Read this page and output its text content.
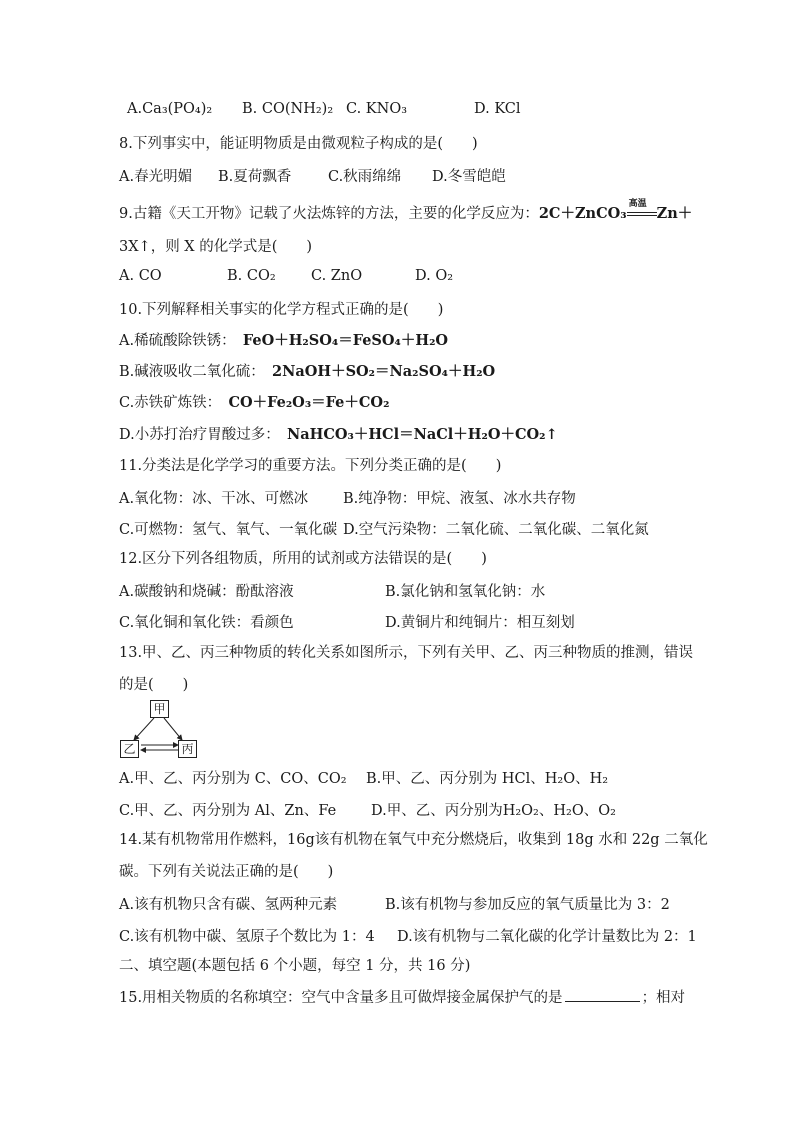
A.Ca₃(PO₄)₂ B. CO(NH₂)₂ C. KNO₃	D. KCl
8.下列事实中，能证明物质是由微观粒子构成的是(　　)
A.春光明媚 B.夏荷飘香	C.秋雨绵绵 D.冬雪皑皑
9.古籍《天工开物》记载了火法炼锌的方法，主要的化学反应为：2C＋ZnCO₃
高温
Zn＋
3X↑，则 X 的化学式是(　　)
A. CO	B. CO₂ C. ZnO	D. O₂
10.下列解释相关事实的化学方程式正确的是(　　)
A.稀硫酸除铁锈：　 FeO＋H₂SO₄＝FeSO₄＋H₂O
B.碱液吸收二氧化硫：　 2NaOH＋SO₂＝Na₂SO₄＋H₂O
C.赤铁矿炼铁：　 CO＋Fe₂O₃＝Fe＋CO₂
D.小苏打治疗胃酸过多：　 NaHCO₃＋HCl＝NaCl＋H₂O＋CO₂↑
11.分类法是化学学习的重要方法。下列分类正确的是(　　)
A.氧化物：冰、干冰、可燃冰 B.纯净物：甲烷、液氢、冰水共存物
C.可燃物：氢气、氧气、一氧化碳 D.空气污染物：二氧化硫、二氧化碳、二氧化氮
12.区分下列各组物质，所用的试剂或方法错误的是(　　)
A.碳酸钠和烧碱：酚酞溶液	B.氯化钠和氢氧化钠：水
C.氧化铜和氧化铁：看颜色	D.黄铜片和纯铜片：相互刻划
13.甲、乙、丙三种物质的转化关系如图所示，下列有关甲、乙、丙三种物质的推测，错误
的是(　　)
甲
乙	丙
A.甲、乙、丙分别为 C、CO、CO₂ B.甲、乙、丙分别为 HCl、H₂O、H₂
C.甲、乙、丙分别为 Al、Zn、Fe D.甲、乙、丙分别为H₂O₂、H₂O、O₂
14.某有机物常用作燃料，16g该有机物在氧气中充分燃烧后，收集到 18g 水和 22g 二氧化
碳。下列有关说法正确的是(　　)
A.该有机物只含有碳、氢两种元素	B.该有机物与参加反应的氧气质量比为 3：2
C.该有机物中碳、氢原子个数比为 1：4 D.该有机物与二氧化碳的化学计量数比为 2：1
二、填空题(本题包括 6 个小题，每空 1 分，共 16 分)
15.用相关物质的名称填空：空气中含量多且可做焊接金属保护气的是	；相对
